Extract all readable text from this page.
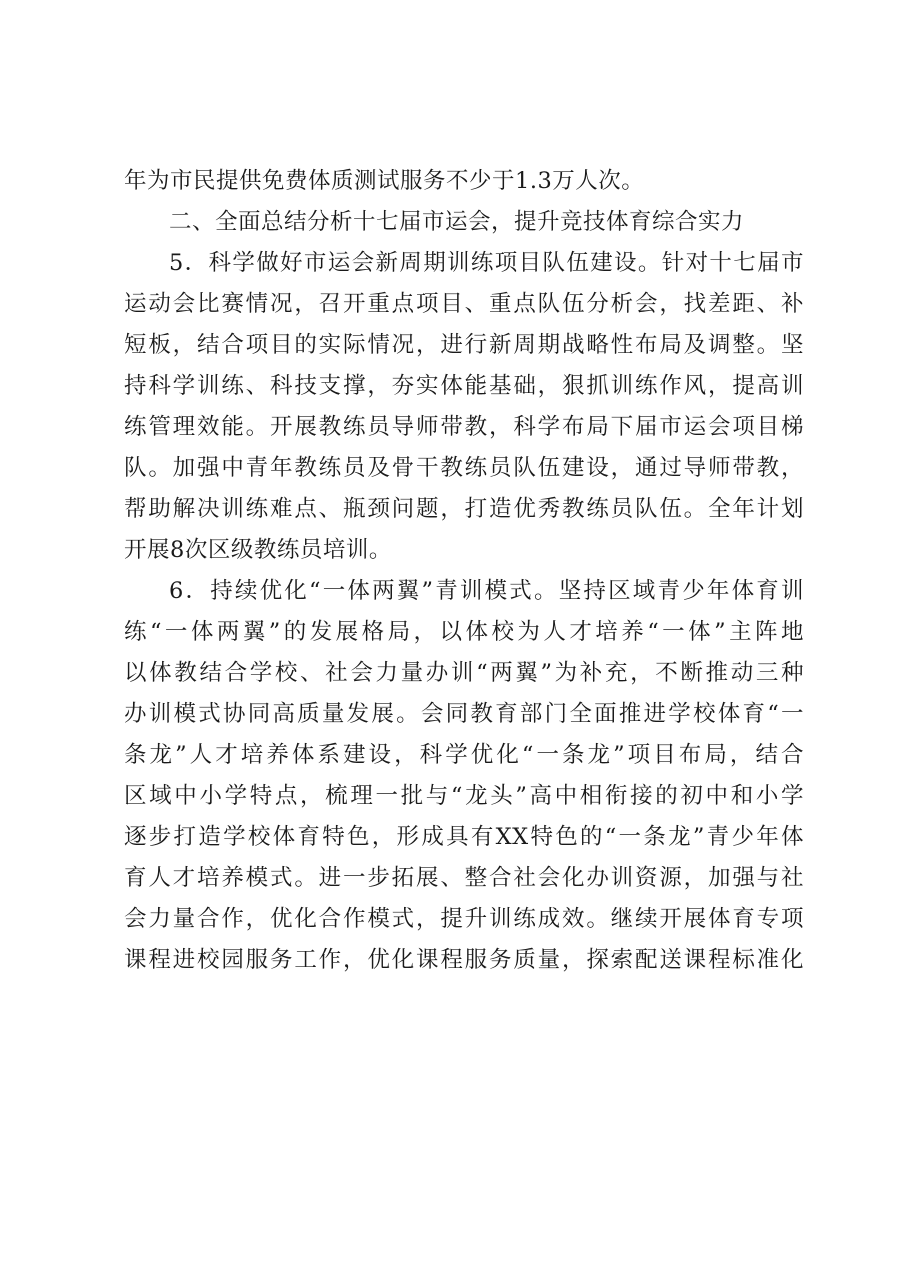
年为市民提供免费体质测试服务不少于1.3万人次。
二、全面总结分析十七届市运会，提升竞技体育综合实力
5．科学做好市运会新周期训练项目队伍建设。针对十七届市
运动会比赛情况，召开重点项目、重点队伍分析会，找差距、补
短板，结合项目的实际情况，进行新周期战略性布局及调整。坚
持科学训练、科技支撑，夯实体能基础，狠抓训练作风，提高训
练管理效能。开展教练员导师带教，科学布局下届市运会项目梯
队。加强中青年教练员及骨干教练员队伍建设，通过导师带教，
帮助解决训练难点、瓶颈问题，打造优秀教练员队伍。全年计划
开展8次区级教练员培训。
6．持续优化“一体两翼”青训模式。坚持区域青少年体育训
练“一体两翼”的发展格局，以体校为人才培养“一体”主阵地
以体教结合学校、社会力量办训“两翼”为补充，不断推动三种
办训模式协同高质量发展。会同教育部门全面推进学校体育“一
条龙”人才培养体系建设，科学优化“一条龙”项目布局，结合
区域中小学特点，梳理一批与“龙头”高中相衔接的初中和小学
逐步打造学校体育特色，形成具有XX特色的“一条龙”青少年体
育人才培养模式。进一步拓展、整合社会化办训资源，加强与社
会力量合作，优化合作模式，提升训练成效。继续开展体育专项
课程进校园服务工作，优化课程服务质量，探索配送课程标准化
